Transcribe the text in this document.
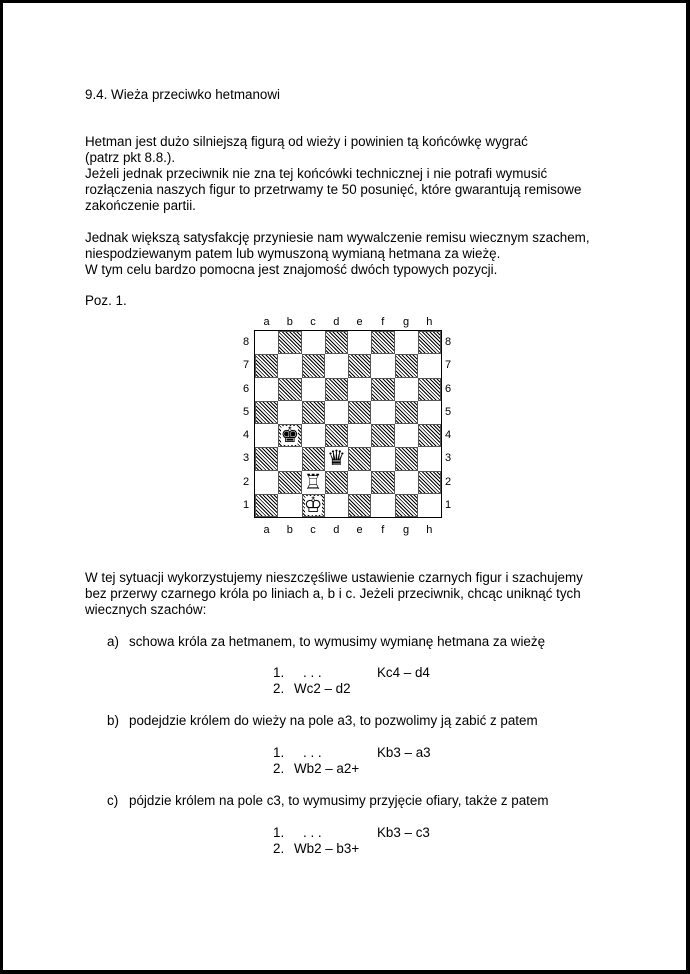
9.4. Wieża przeciwko hetmanowi
Hetman jest dużo silniejszą figurą od wieży i powinien tą końcówkę wygrać
(patrz pkt 8.8.).
Jeżeli jednak przeciwnik nie zna tej końcówki technicznej i nie potrafi wymusić
rozłączenia naszych figur to przetrwamy te 50 posunięć, które gwarantują remisowe
zakończenie partii.
Jednak większą satysfakcję przyniesie nam wywalczenie remisu wiecznym szachem,
niespodziewanym patem lub wymuszoną wymianą hetmana za wieżę.
W tym celu bardzo pomocna jest znajomość dwóch typowych pozycji.
Poz. 1.
♚
♛
♖
♔
a
a
b
b
c
c
d
d
e
e
f
f
g
g
h
h
8	8
7	7
6	6
5	5
4	4
3	3
2	2
1	1
W tej sytuacji wykorzystujemy nieszczęśliwe ustawienie czarnych figur i szachujemy
bez przerwy czarnego króla po liniach a, b i c. Jeżeli przeciwnik, chcąc uniknąć tych
wiecznych szachów:
a) schowa króla za hetmanem, to wymusimy wymianę hetmana za wieżę
1. . . .	Kc4 – d4
2. Wc2 – d2
b) podejdzie królem do wieży na pole a3, to pozwolimy ją zabić z patem
1. . . .	Kb3 – a3
2. Wb2 – a2+
c) pójdzie królem na pole c3, to wymusimy przyjęcie ofiary, także z patem
1. . . .	Kb3 – c3
2. Wb2 – b3+
